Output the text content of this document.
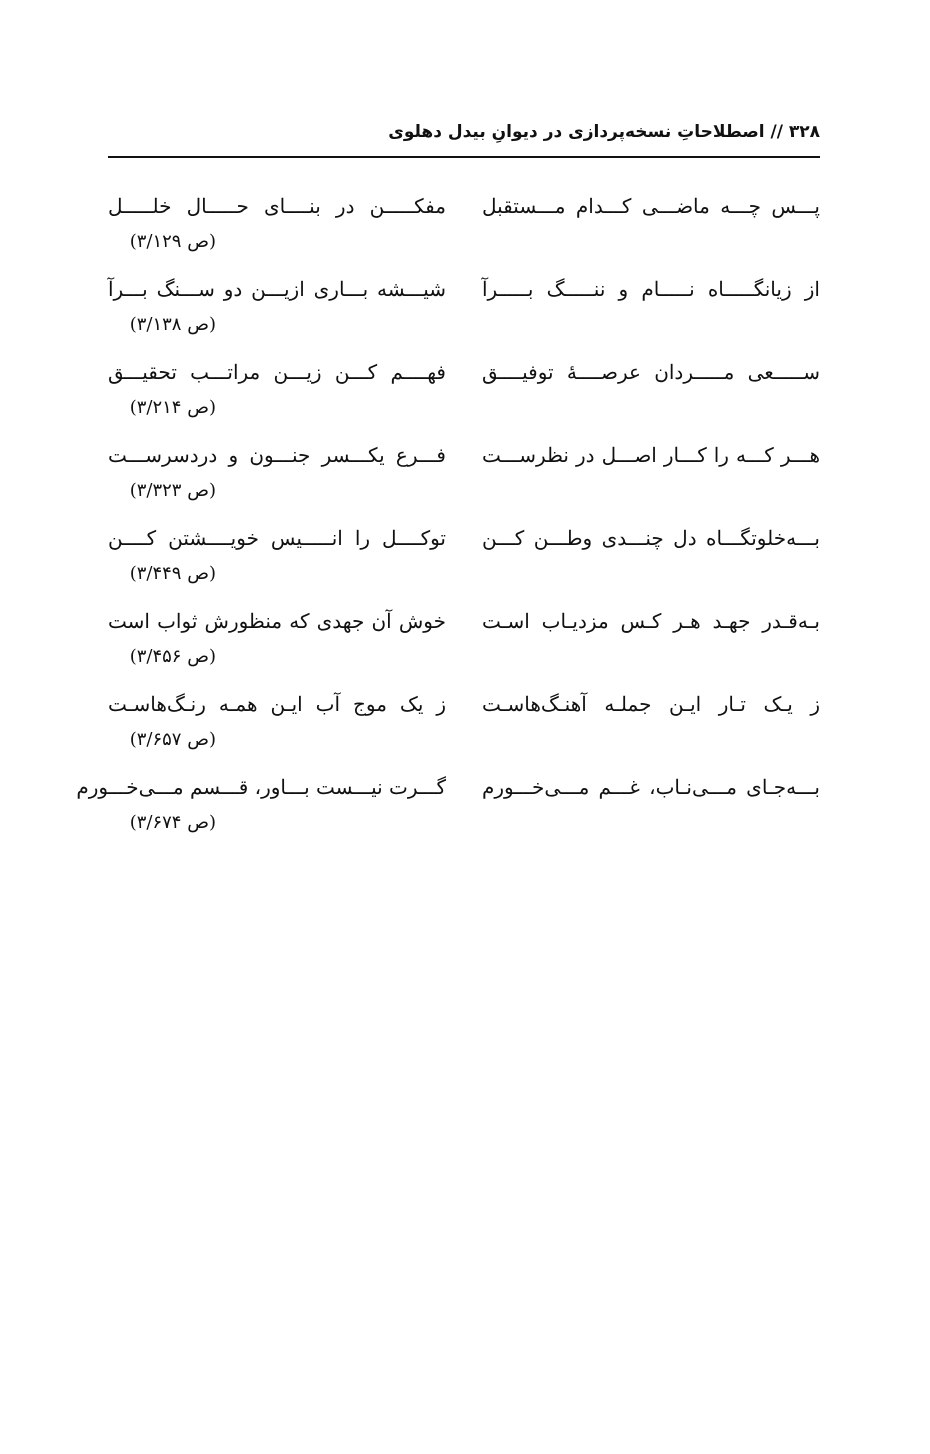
۳۲۸ // اصطلاحاتِ نسخه‌پردازی در دیوانِ بیدل دهلوی
پـــس چـــه ماضـــی کـــدام مـــستقبل
مفکـــــن در بنــــای حـــــال خلـــــل
(ص ۳/۱۲۹)
از زیانگـــــاه نـــــام و ننـــــگ بـــــرآ
شیـــشه بـــاری ازیـــن دو ســـنگ بـــرآ
(ص ۳/۱۳۸)
ســـــعی مـــــردان عرصــــهٔ توفیــــق
فهــــم کـــن زیـــن مراتـــب تحقیـــق
(ص ۳/۲۱۴)
هـــر کـــه را کـــار اصـــل در نظرســـت
فـــرع یکـــسر جنـــون و دردسرســـت
(ص ۳/۳۲۳)
بـــه‌خلوتگـــاه دل چنـــدی وطـــن کـــن
توکــــل را انـــــیس خویــــشتن کــــن
(ص ۳/۴۴۹)
بـه‌قـدر جهـد هـر کـس مزدیـاب اسـت
خوش آن جهدی که منظورش ثواب است
(ص ۳/۴۵۶)
ز یـک تـار ایـن جملـه آهنـگ‌هاسـت
ز یک موج آب ایـن همـه رنـگ‌هاسـت
(ص ۳/۶۵۷)
بـــه‌جـای مـــی‌نـاب، غـــم مـــی‌خـــورم
گـــرت نیـــست بـــاور، قـــسم مـــی‌خـــورم
(ص ۳/۶۷۴)
